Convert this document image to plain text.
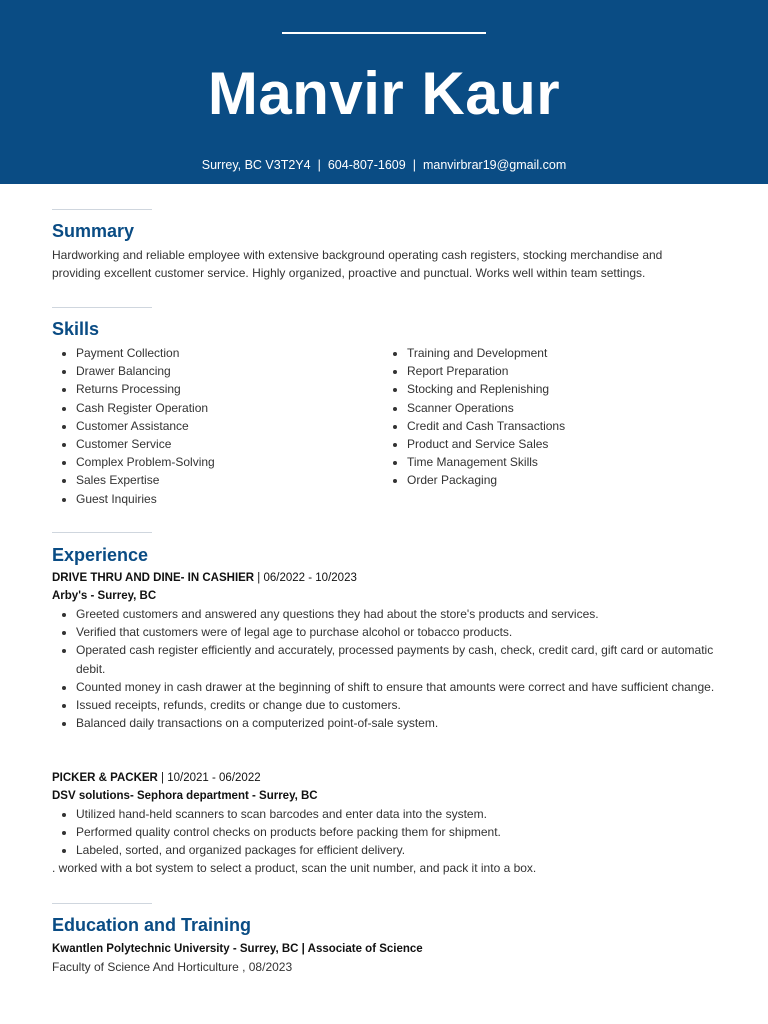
Manvir Kaur
Surrey, BC V3T2Y4 | 604-807-1609 | manvirbrar19@gmail.com
Summary
Hardworking and reliable employee with extensive background operating cash registers, stocking merchandise and providing excellent customer service. Highly organized, proactive and punctual. Works well within team settings.
Skills
• Payment Collection
• Drawer Balancing
• Returns Processing
• Cash Register Operation
• Customer Assistance
• Customer Service
• Complex Problem-Solving
• Sales Expertise
• Guest Inquiries
• Training and Development
• Report Preparation
• Stocking and Replenishing
• Scanner Operations
• Credit and Cash Transactions
• Product and Service Sales
• Time Management Skills
• Order Packaging
Experience
DRIVE THRU AND DINE- IN CASHIER | 06/2022 - 10/2023
Arby's - Surrey, BC
• Greeted customers and answered any questions they had about the store's products and services.
• Verified that customers were of legal age to purchase alcohol or tobacco products.
• Operated cash register efficiently and accurately, processed payments by cash, check, credit card, gift card or automatic debit.
• Counted money in cash drawer at the beginning of shift to ensure that amounts were correct and have sufficient change.
• Issued receipts, refunds, credits or change due to customers.
• Balanced daily transactions on a computerized point-of-sale system.
PICKER & PACKER | 10/2021 - 06/2022
DSV solutions- Sephora department - Surrey, BC
• Utilized hand-held scanners to scan barcodes and enter data into the system.
• Performed quality control checks on products before packing them for shipment.
• Labeled, sorted, and organized packages for efficient delivery.
. worked with a bot system to select a product, scan the unit number, and pack it into a box.
Education and Training
Kwantlen Polytechnic University - Surrey, BC | Associate of Science
Faculty of Science And Horticulture , 08/2023
